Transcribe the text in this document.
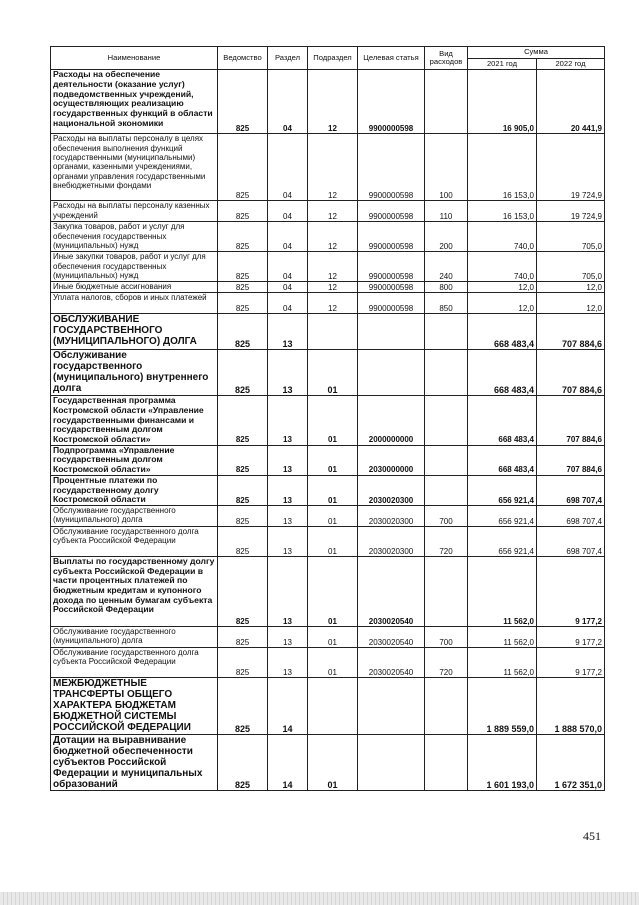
Наименование	Ведомство	Раздел	Подраздел	Целевая статья	Вид расходов	Сумма	
						2021 год	2022 год
Расходы на обеспечение деятельности (оказание услуг) подведомственных учреждений, осуществляющих реализацию государственных функций в области национальной экономики	825	04	12	9900000598		16 905,0	20 441,9
Расходы на выплаты персоналу в целях обеспечения выполнения функций государственными (муниципальными) органами, казенными учреждениями, органами управления государственными внебюджетными фондами	825	04	12	9900000598	100	16 153,0	19 724,9
Расходы на выплаты персоналу казенных учреждений	825	04	12	9900000598	110	16 153,0	19 724,9
Закупка товаров, работ и услуг для обеспечения государственных (муниципальных) нужд	825	04	12	9900000598	200	740,0	705,0
Иные закупки товаров, работ и услуг для обеспечения государственных (муниципальных) нужд	825	04	12	9900000598	240	740,0	705,0
Иные бюджетные ассигнования	825	04	12	9900000598	800	12,0	12,0
Уплата налогов, сборов и иных платежей	825	04	12	9900000598	850	12,0	12,0
ОБСЛУЖИВАНИЕ ГОСУДАРСТВЕННОГО (МУНИЦИПАЛЬНОГО) ДОЛГА	825	13				668 483,4	707 884,6
Обслуживание государственного (муниципального) внутреннего долга	825	13	01			668 483,4	707 884,6
Государственная программа Костромской области «Управление государственными финансами и государственным долгом Костромской области»	825	13	01	2000000000		668 483,4	707 884,6
Подпрограмма «Управление государственным долгом Костромской области»	825	13	01	2030000000		668 483,4	707 884,6
Процентные платежи по государственному долгу Костромской области	825	13	01	2030020300		656 921,4	698 707,4
Обслуживание государственного (муниципального) долга	825	13	01	2030020300	700	656 921,4	698 707,4
Обслуживание государственного долга субъекта Российской Федерации	825	13	01	2030020300	720	656 921,4	698 707,4
Выплаты по государственному долгу субъекта Российской Федерации в части процентных платежей по бюджетным кредитам и купонного дохода по ценным бумагам субъекта Российской Федерации	825	13	01	2030020540		11 562,0	9 177,2
Обслуживание государственного (муниципального) долга	825	13	01	2030020540	700	11 562,0	9 177,2
Обслуживание государственного долга субъекта Российской Федерации	825	13	01	2030020540	720	11 562,0	9 177,2
МЕЖБЮДЖЕТНЫЕ ТРАНСФЕРТЫ ОБЩЕГО ХАРАКТЕРА БЮДЖЕТАМ БЮДЖЕТНОЙ СИСТЕМЫ РОССИЙСКОЙ ФЕДЕРАЦИИ	825	14				1 889 559,0	1 888 570,0
Дотации на выравнивание бюджетной обеспеченности субъектов Российской Федерации и муниципальных образований	825	14	01			1 601 193,0	1 672 351,0
451
